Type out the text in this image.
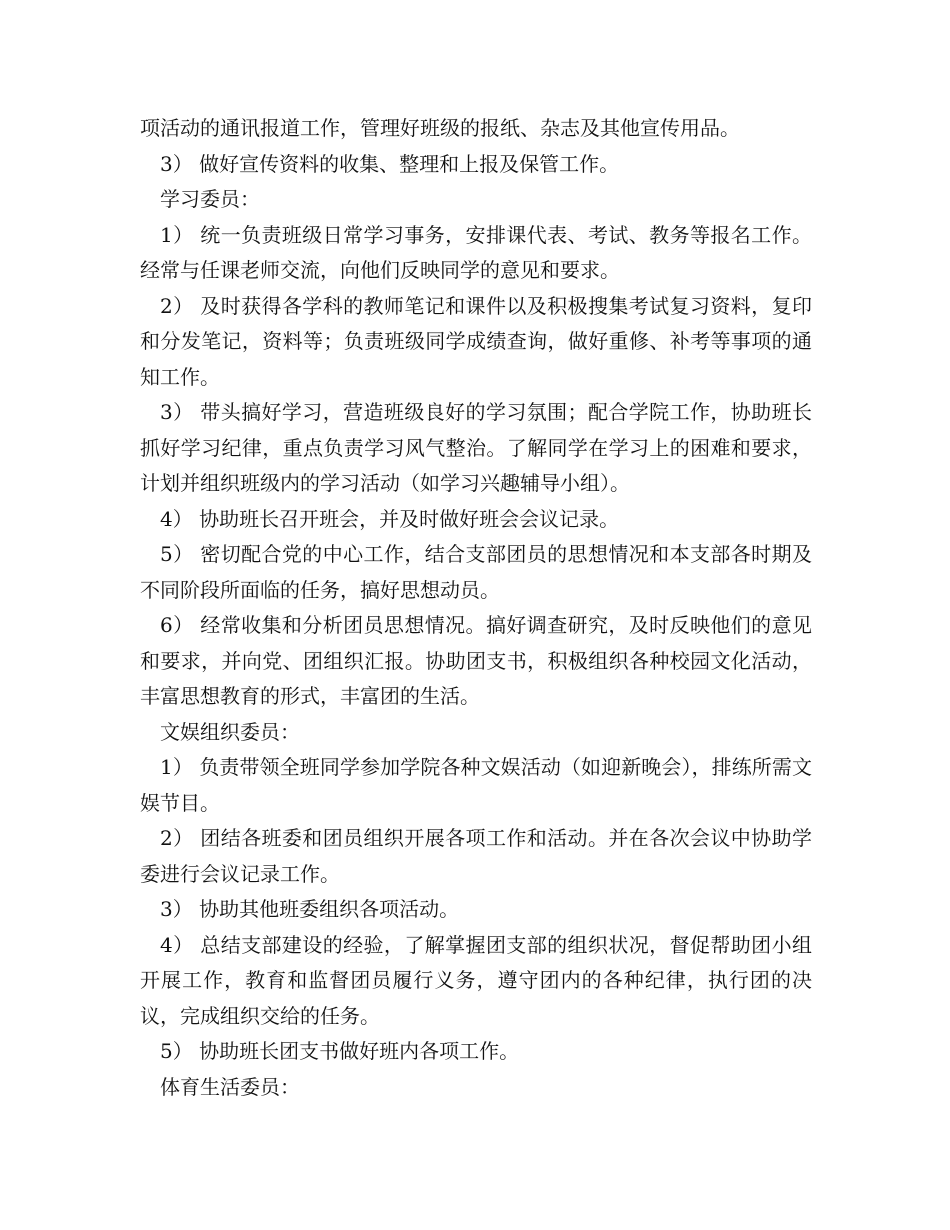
项活动的通讯报道工作，管理好班级的报纸、杂志及其他宣传用品。

3） 做好宣传资料的收集、整理和上报及保管工作。

学习委员：

1） 统一负责班级日常学习事务，安排课代表、考试、教务等报名工作。经常与任课老师交流，向他们反映同学的意见和要求。

2） 及时获得各学科的教师笔记和课件以及积极搜集考试复习资料，复印和分发笔记，资料等；负责班级同学成绩查询，做好重修、补考等事项的通知工作。

3） 带头搞好学习，营造班级良好的学习氛围；配合学院工作，协助班长抓好学习纪律，重点负责学习风气整治。了解同学在学习上的困难和要求，计划并组织班级内的学习活动（如学习兴趣辅导小组）。

4） 协助班长召开班会，并及时做好班会会议记录。

5） 密切配合党的中心工作，结合支部团员的思想情况和本支部各时期及不同阶段所面临的任务，搞好思想动员。

6） 经常收集和分析团员思想情况。搞好调查研究，及时反映他们的意见和要求，并向党、团组织汇报。协助团支书，积极组织各种校园文化活动，丰富思想教育的形式，丰富团的生活。

文娱组织委员：

1） 负责带领全班同学参加学院各种文娱活动（如迎新晚会），排练所需文娱节目。

2） 团结各班委和团员组织开展各项工作和活动。并在各次会议中协助学委进行会议记录工作。

3） 协助其他班委组织各项活动。

4） 总结支部建设的经验，了解掌握团支部的组织状况，督促帮助团小组开展工作，教育和监督团员履行义务，遵守团内的各种纪律，执行团的决议，完成组织交给的任务。

5） 协助班长团支书做好班内各项工作。

体育生活委员：
